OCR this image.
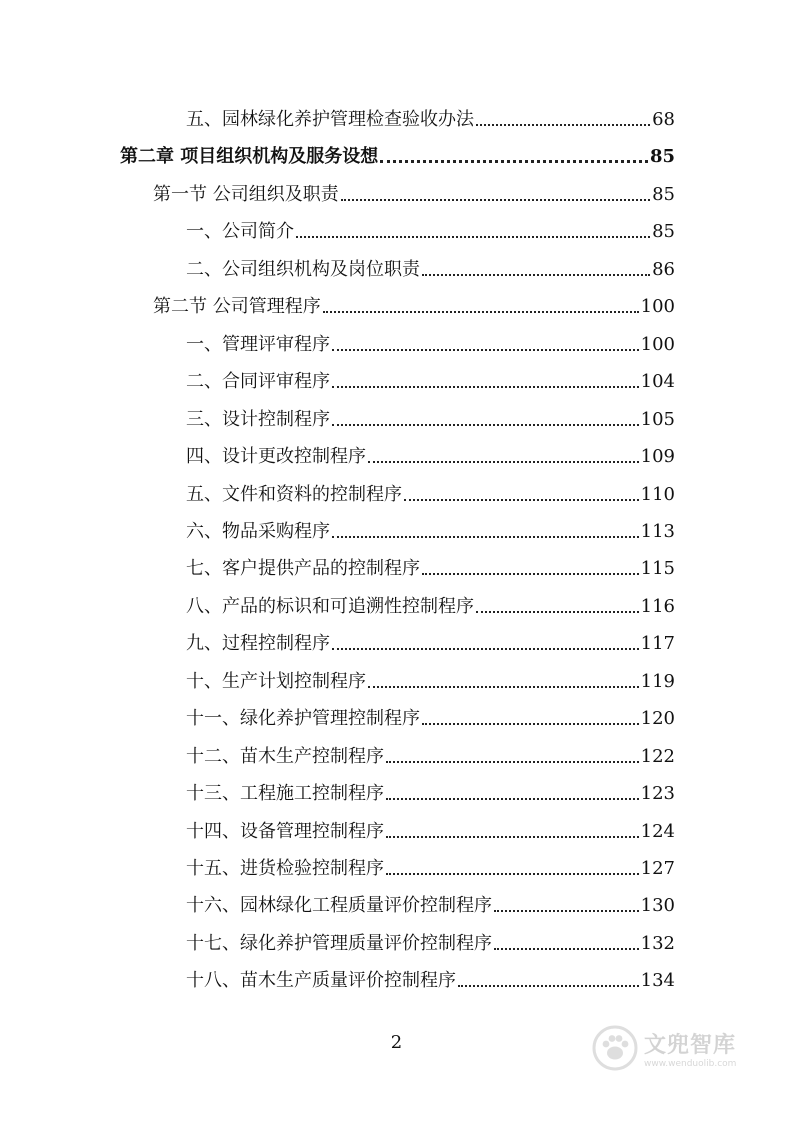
五、园林绿化养护管理检查验收办法	68
第二章 项目组织机构及服务设想	85
第一节 公司组织及职责	85
一、公司简介	85
二、公司组织机构及岗位职责	86
第二节 公司管理程序	100
一、管理评审程序	100
二、合同评审程序	104
三、设计控制程序	105
四、设计更改控制程序	109
五、文件和资料的控制程序	110
六、物品采购程序	113
七、客户提供产品的控制程序	115
八、产品的标识和可追溯性控制程序	116
九、过程控制程序	117
十、生产计划控制程序	119
十一、绿化养护管理控制程序	120
十二、苗木生产控制程序	122
十三、工程施工控制程序	123
十四、设备管理控制程序	124
十五、进货检验控制程序	127
十六、园林绿化工程质量评价控制程序	130
十七、绿化养护管理质量评价控制程序	132
十八、苗木生产质量评价控制程序	134
2	文兜智库
www.wenduolib.com
